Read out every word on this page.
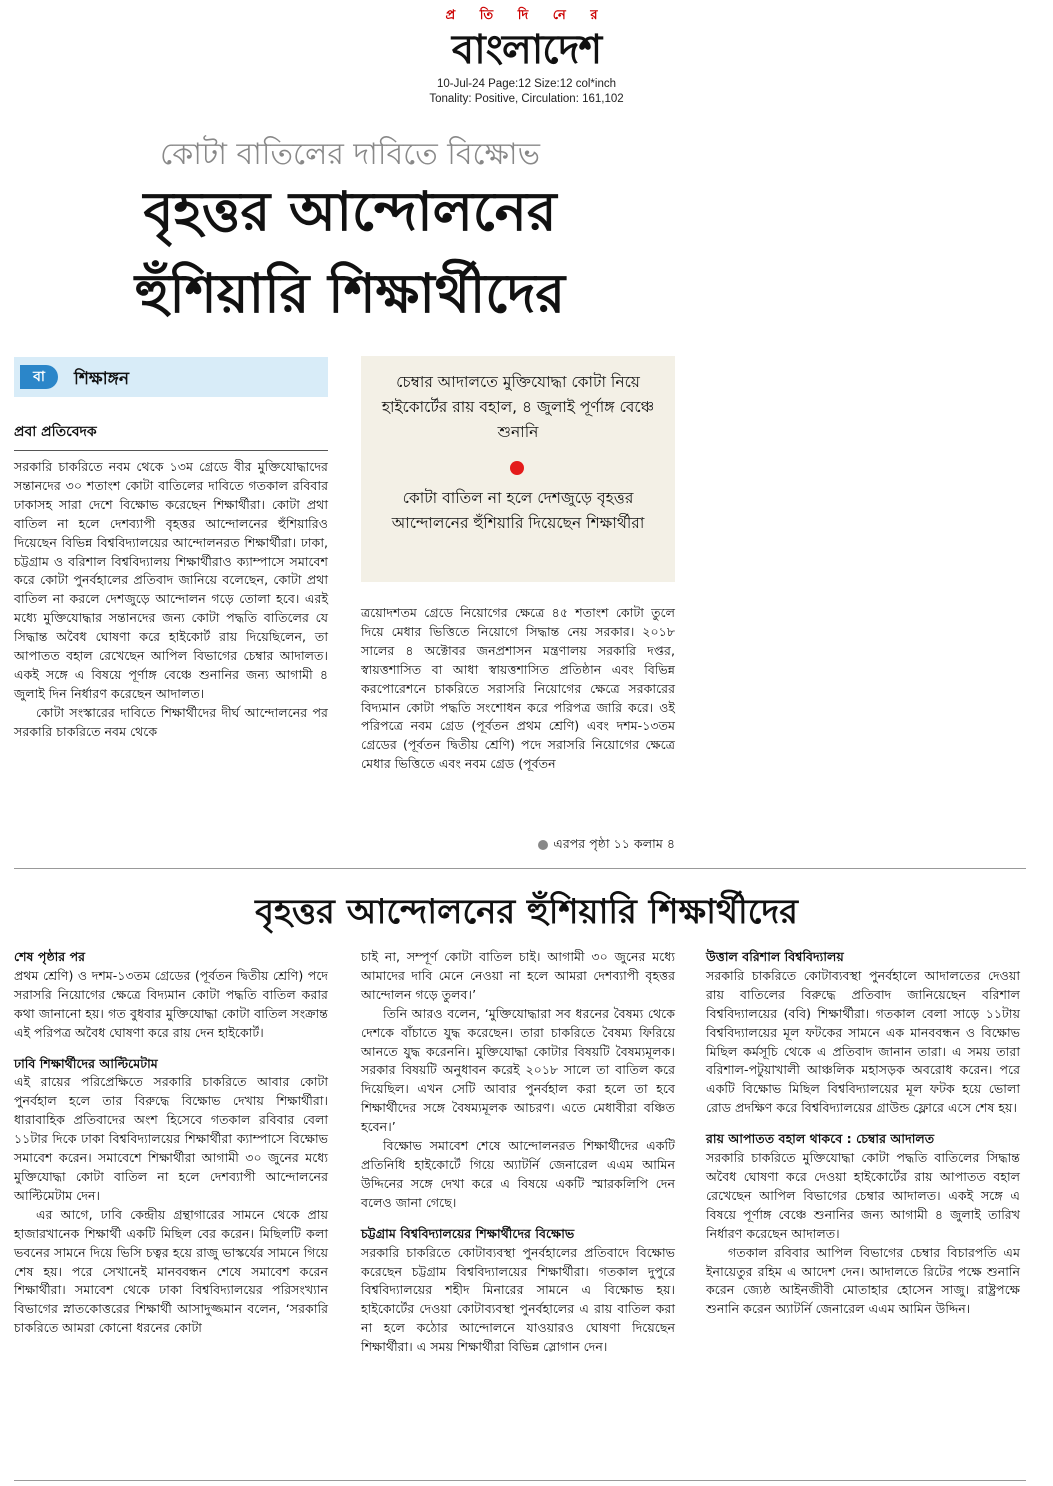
প্র তি দি নে র
বাংলাদেশ
10-Jul-24 Page:12 Size:12 col*inch
Tonality: Positive, Circulation: 161,102
কোটা বাতিলের দাবিতে বিক্ষোভ
বৃহত্তর আন্দোলনের
হুঁশিয়ারি শিক্ষার্থীদের
বা	শিক্ষাঙ্গন
প্রবা প্রতিবেদক

সরকারি চাকরিতে নবম থেকে ১৩ম গ্রেডে বীর মুক্তিযোদ্ধাদের সন্তানদের ৩০ শতাংশ কোটা বাতিলের দাবিতে গতকাল রবিবার ঢাকাসহ সারা দেশে বিক্ষোভ করেছেন শিক্ষার্থীরা। কোটা প্রথা বাতিল না হলে দেশব্যাপী বৃহত্তর আন্দোলনের হুঁশিয়ারিও দিয়েছেন বিভিন্ন বিশ্ববিদ্যালয়ের আন্দোলনরত শিক্ষার্থীরা। ঢাকা, চট্টগ্রাম ও বরিশাল বিশ্ববিদ্যালয় শিক্ষার্থীরাও ক্যাম্পাসে সমাবেশ করে কোটা পুনর্বহালের প্রতিবাদ জানিয়ে বলেছেন, কোটা প্রথা বাতিল না করলে দেশজুড়ে আন্দোলন গড়ে তোলা হবে। এরই মধ্যে মুক্তিযোদ্ধার সন্তানদের জন্য কোটা পদ্ধতি বাতিলের যে সিদ্ধান্ত অবৈধ ঘোষণা করে হাইকোর্ট রায় দিয়েছিলেন, তা আপাতত বহাল রেখেছেন আপিল বিভাগের চেম্বার আদালত। একই সঙ্গে এ বিষয়ে পূর্ণাঙ্গ বেঞ্চে শুনানির জন্য আগামী ৪ জুলাই দিন নির্ধারণ করেছেন আদালত।

কোটা সংস্কারের দাবিতে শিক্ষার্থীদের দীর্ঘ আন্দোলনের পর সরকারি চাকরিতে নবম থেকে

চেম্বার আদালতে মুক্তিযোদ্ধা কোটা নিয়ে হাইকোর্টের রায় বহাল, ৪ জুলাই পূর্ণাঙ্গ বেঞ্চে শুনানি
কোটা বাতিল না হলে দেশজুড়ে বৃহত্তর আন্দোলনের হুঁশিয়ারি দিয়েছেন শিক্ষার্থীরা

ত্রয়োদশতম গ্রেডে নিয়োগের ক্ষেত্রে ৪৫ শতাংশ কোটা তুলে দিয়ে মেধার ভিত্তিতে নিয়োগে সিদ্ধান্ত নেয় সরকার। ২০১৮ সালের ৪ অক্টোবর জনপ্রশাসন মন্ত্রণালয় সরকারি দপ্তর, স্বায়ত্তশাসিত বা আধা স্বায়ত্তশাসিত প্রতিষ্ঠান এবং বিভিন্ন করপোরেশনে চাকরিতে সরাসরি নিয়োগের ক্ষেত্রে সরকারের বিদ্যমান কোটা পদ্ধতি সংশোধন করে পরিপত্র জারি করে। ওই পরিপত্রে নবম গ্রেড (পূর্বতন প্রথম শ্রেণি) এবং দশম-১৩তম গ্রেডের (পূর্বতন দ্বিতীয় শ্রেণি) পদে সরাসরি নিয়োগের ক্ষেত্রে মেধার ভিত্তিতে এবং নবম গ্রেড (পূর্বতন

এরপর পৃষ্ঠা ১১ কলাম ৪
বৃহত্তর আন্দোলনের হুঁশিয়ারি শিক্ষার্থীদের

শেষ পৃষ্ঠার পর

প্রথম শ্রেণি) ও দশম-১৩তম গ্রেডের (পূর্বতন দ্বিতীয় শ্রেণি) পদে সরাসরি নিয়োগের ক্ষেত্রে বিদ্যমান কোটা পদ্ধতি বাতিল করার কথা জানানো হয়। গত বুধবার মুক্তিযোদ্ধা কোটা বাতিল সংক্রান্ত এই পরিপত্র অবৈধ ঘোষণা করে রায় দেন হাইকোর্ট।

ঢাবি শিক্ষার্থীদের আল্টিমেটাম

এই রায়ের পরিপ্রেক্ষিতে সরকারি চাকরিতে আবার কোটা পুনর্বহাল হলে তার বিরুদ্ধে বিক্ষোভ দেখায় শিক্ষার্থীরা। ধারাবাহিক প্রতিবাদের অংশ হিসেবে গতকাল রবিবার বেলা ১১টার দিকে ঢাকা বিশ্ববিদ্যালয়ের শিক্ষার্থীরা ক্যাম্পাসে বিক্ষোভ সমাবেশ করেন। সমাবেশে শিক্ষার্থীরা আগামী ৩০ জুনের মধ্যে মুক্তিযোদ্ধা কোটা বাতিল না হলে দেশব্যাপী আন্দোলনের আল্টিমেটাম দেন।

এর আগে, ঢাবি কেন্দ্রীয় গ্রন্থাগারের সামনে থেকে প্রায় হাজারখানেক শিক্ষার্থী একটি মিছিল বের করেন। মিছিলটি কলা ভবনের সামনে দিয়ে ভিসি চত্বর হয়ে রাজু ভাস্কর্যের সামনে গিয়ে শেষ হয়। পরে সেখানেই মানববন্ধন শেষে সমাবেশ করেন শিক্ষার্থীরা। সমাবেশ থেকে ঢাকা বিশ্ববিদ্যালয়ের পরিসংখ্যান বিভাগের স্নাতকোত্তরের শিক্ষার্থী আসাদুজ্জমান বলেন, ‘সরকারি চাকরিতে আমরা কোনো ধরনের কোটা

চাই না, সম্পূর্ণ কোটা বাতিল চাই। আগামী ৩০ জুনের মধ্যে আমাদের দাবি মেনে নেওয়া না হলে আমরা দেশব্যাপী বৃহত্তর আন্দোলন গড়ে তুলব।’

তিনি আরও বলেন, ‘মুক্তিযোদ্ধারা সব ধরনের বৈষম্য থেকে দেশকে বাঁচাতে যুদ্ধ করেছেন। তারা চাকরিতে বৈষম্য ফিরিয়ে আনতে যুদ্ধ করেননি। মুক্তিযোদ্ধা কোটার বিষয়টি বৈষম্যমূলক। সরকার বিষয়টি অনুধাবন করেই ২০১৮ সালে তা বাতিল করে দিয়েছিল। এখন সেটি আবার পুনর্বহাল করা হলে তা হবে শিক্ষার্থীদের সঙ্গে বৈষম্যমূলক আচরণ। এতে মেধাবীরা বঞ্চিত হবেন।’

বিক্ষোভ সমাবেশ শেষে আন্দোলনরত শিক্ষার্থীদের একটি প্রতিনিধি হাইকোর্টে গিয়ে অ্যাটর্নি জেনারেল এএম আমিন উদ্দিনের সঙ্গে দেখা করে এ বিষয়ে একটি স্মারকলিপি দেন বলেও জানা গেছে।

চট্টগ্রাম বিশ্ববিদ্যালয়ের শিক্ষার্থীদের বিক্ষোভ

সরকারি চাকরিতে কোটাব্যবস্থা পুনর্বহালের প্রতিবাদে বিক্ষোভ করেছেন চট্টগ্রাম বিশ্ববিদ্যালয়ের শিক্ষার্থীরা। গতকাল দুপুরে বিশ্ববিদ্যালয়ের শহীদ মিনারের সামনে এ বিক্ষোভ হয়। হাইকোর্টের দেওয়া কোটাব্যবস্থা পুনর্বহালের এ রায় বাতিল করা না হলে কঠোর আন্দোলনে যাওয়ারও ঘোষণা দিয়েছেন শিক্ষার্থীরা। এ সময় শিক্ষার্থীরা বিভিন্ন স্লোগান দেন।

উত্তাল বরিশাল বিশ্ববিদ্যালয়

সরকারি চাকরিতে কোটাব্যবস্থা পুনর্বহালে আদালতের দেওয়া রায় বাতিলের বিরুদ্ধে প্রতিবাদ জানিয়েছেন বরিশাল বিশ্ববিদ্যালয়ের (ববি) শিক্ষার্থীরা। গতকাল বেলা সাড়ে ১১টায় বিশ্ববিদ্যালয়ের মূল ফটকের সামনে এক মানববন্ধন ও বিক্ষোভ মিছিল কর্মসূচি থেকে এ প্রতিবাদ জানান তারা। এ সময় তারা বরিশাল-পটুয়াখালী আঞ্চলিক মহাসড়ক অবরোধ করেন। পরে একটি বিক্ষোভ মিছিল বিশ্ববিদ্যালয়ের মূল ফটক হয়ে ভোলা রোড প্রদক্ষিণ করে বিশ্ববিদ্যালয়ের গ্রাউন্ড ফ্লোরে এসে শেষ হয়।

রায় আপাতত বহাল থাকবে : চেম্বার আদালত

সরকারি চাকরিতে মুক্তিযোদ্ধা কোটা পদ্ধতি বাতিলের সিদ্ধান্ত অবৈধ ঘোষণা করে দেওয়া হাইকোর্টের রায় আপাতত বহাল রেখেছেন আপিল বিভাগের চেম্বার আদালত। একই সঙ্গে এ বিষয়ে পূর্ণাঙ্গ বেঞ্চে শুনানির জন্য আগামী ৪ জুলাই তারিখ নির্ধারণ করেছেন আদালত।

গতকাল রবিবার আপিল বিভাগের চেম্বার বিচারপতি এম ইনায়েতুর রহিম এ আদেশ দেন। আদালতে রিটের পক্ষে শুনানি করেন জ্যেষ্ঠ আইনজীবী মোতাহার হোসেন সাজু। রাষ্ট্রপক্ষে শুনানি করেন অ্যাটর্নি জেনারেল এএম আমিন উদ্দিন।
